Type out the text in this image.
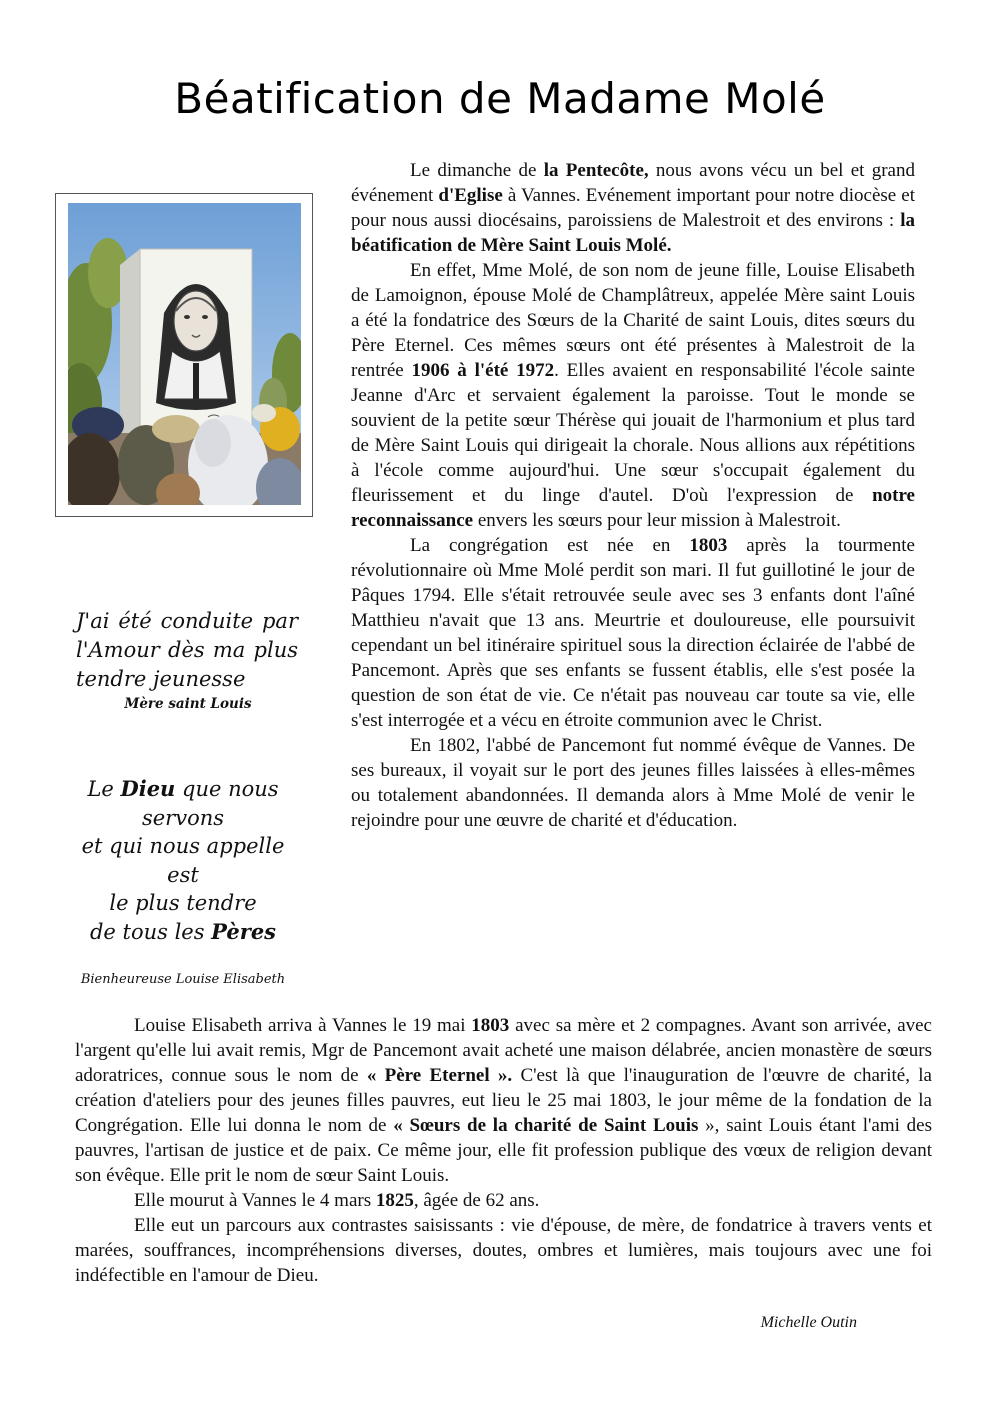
Béatification de Madame Molé
J'ai été conduite par l'Amour dès ma plus tendre jeunesse
Mère saint Louis
Le Dieu que nous
servons
et qui nous appelle
est
le plus tendre
de tous les Pères
Bienheureuse Louise Elisabeth

Le dimanche de la Pentecôte, nous avons vécu un bel et grand événement d'Eglise à Vannes. Evénement important pour notre diocèse et pour nous aussi diocésains, paroissiens de Malestroit et des environs : la béatification de Mère Saint Louis Molé.

En effet, Mme Molé, de son nom de jeune fille, Louise Elisabeth de Lamoignon, épouse Molé de Champlâtreux, appelée Mère saint Louis a été la fondatrice des Sœurs de la Charité de saint Louis, dites sœurs du Père Eternel. Ces mêmes sœurs ont été présentes à Malestroit de la rentrée 1906 à l'été 1972. Elles avaient en responsabilité l'école sainte Jeanne d'Arc et servaient également la paroisse. Tout le monde se souvient de la petite sœur Thérèse qui jouait de l'harmonium et plus tard de Mère Saint Louis qui dirigeait la chorale. Nous allions aux répétitions à l'école comme aujourd'hui. Une sœur s'occupait également du fleurissement et du linge d'autel. D'où l'expression de notre reconnaissance envers les sœurs pour leur mission à Malestroit.

La congrégation est née en 1803 après la tourmente révolutionnaire où Mme Molé perdit son mari. Il fut guillotiné le jour de Pâques 1794. Elle s'était retrouvée seule avec ses 3 enfants dont l'aîné Matthieu n'avait que 13 ans. Meurtrie et douloureuse, elle poursuivit cependant un bel itinéraire spirituel sous la direction éclairée de l'abbé de Pancemont. Après que ses enfants se fussent établis, elle s'est posée la question de son état de vie. Ce n'était pas nouveau car toute sa vie, elle s'est interrogée et a vécu en étroite communion avec le Christ.

En 1802, l'abbé de Pancemont fut nommé évêque de Vannes. De ses bureaux, il voyait sur le port des jeunes filles laissées à elles-mêmes ou totalement abandonnées. Il demanda alors à Mme Molé de venir le rejoindre pour une œuvre de charité et d'éducation.

Louise Elisabeth arriva à Vannes le 19 mai 1803 avec sa mère et 2 compagnes. Avant son arrivée, avec l'argent qu'elle lui avait remis, Mgr de Pancemont avait acheté une maison délabrée, ancien monastère de sœurs adoratrices, connue sous le nom de « Père Eternel ». C'est là que l'inauguration de l'œuvre de charité, la création d'ateliers pour des jeunes filles pauvres, eut lieu le 25 mai 1803, le jour même de la fondation de la Congrégation. Elle lui donna le nom de « Sœurs de la charité de Saint Louis », saint Louis étant l'ami des pauvres, l'artisan de justice et de paix. Ce même jour, elle fit profession publique des vœux de religion devant son évêque. Elle prit le nom de sœur Saint Louis.

Elle mourut à Vannes le 4 mars 1825, âgée de 62 ans.

Elle eut un parcours aux contrastes saisissants : vie d'épouse, de mère, de fondatrice à travers vents et marées, souffrances, incompréhensions diverses, doutes, ombres et lumières, mais toujours avec une foi indéfectible en l'amour de Dieu.

Michelle Outin
